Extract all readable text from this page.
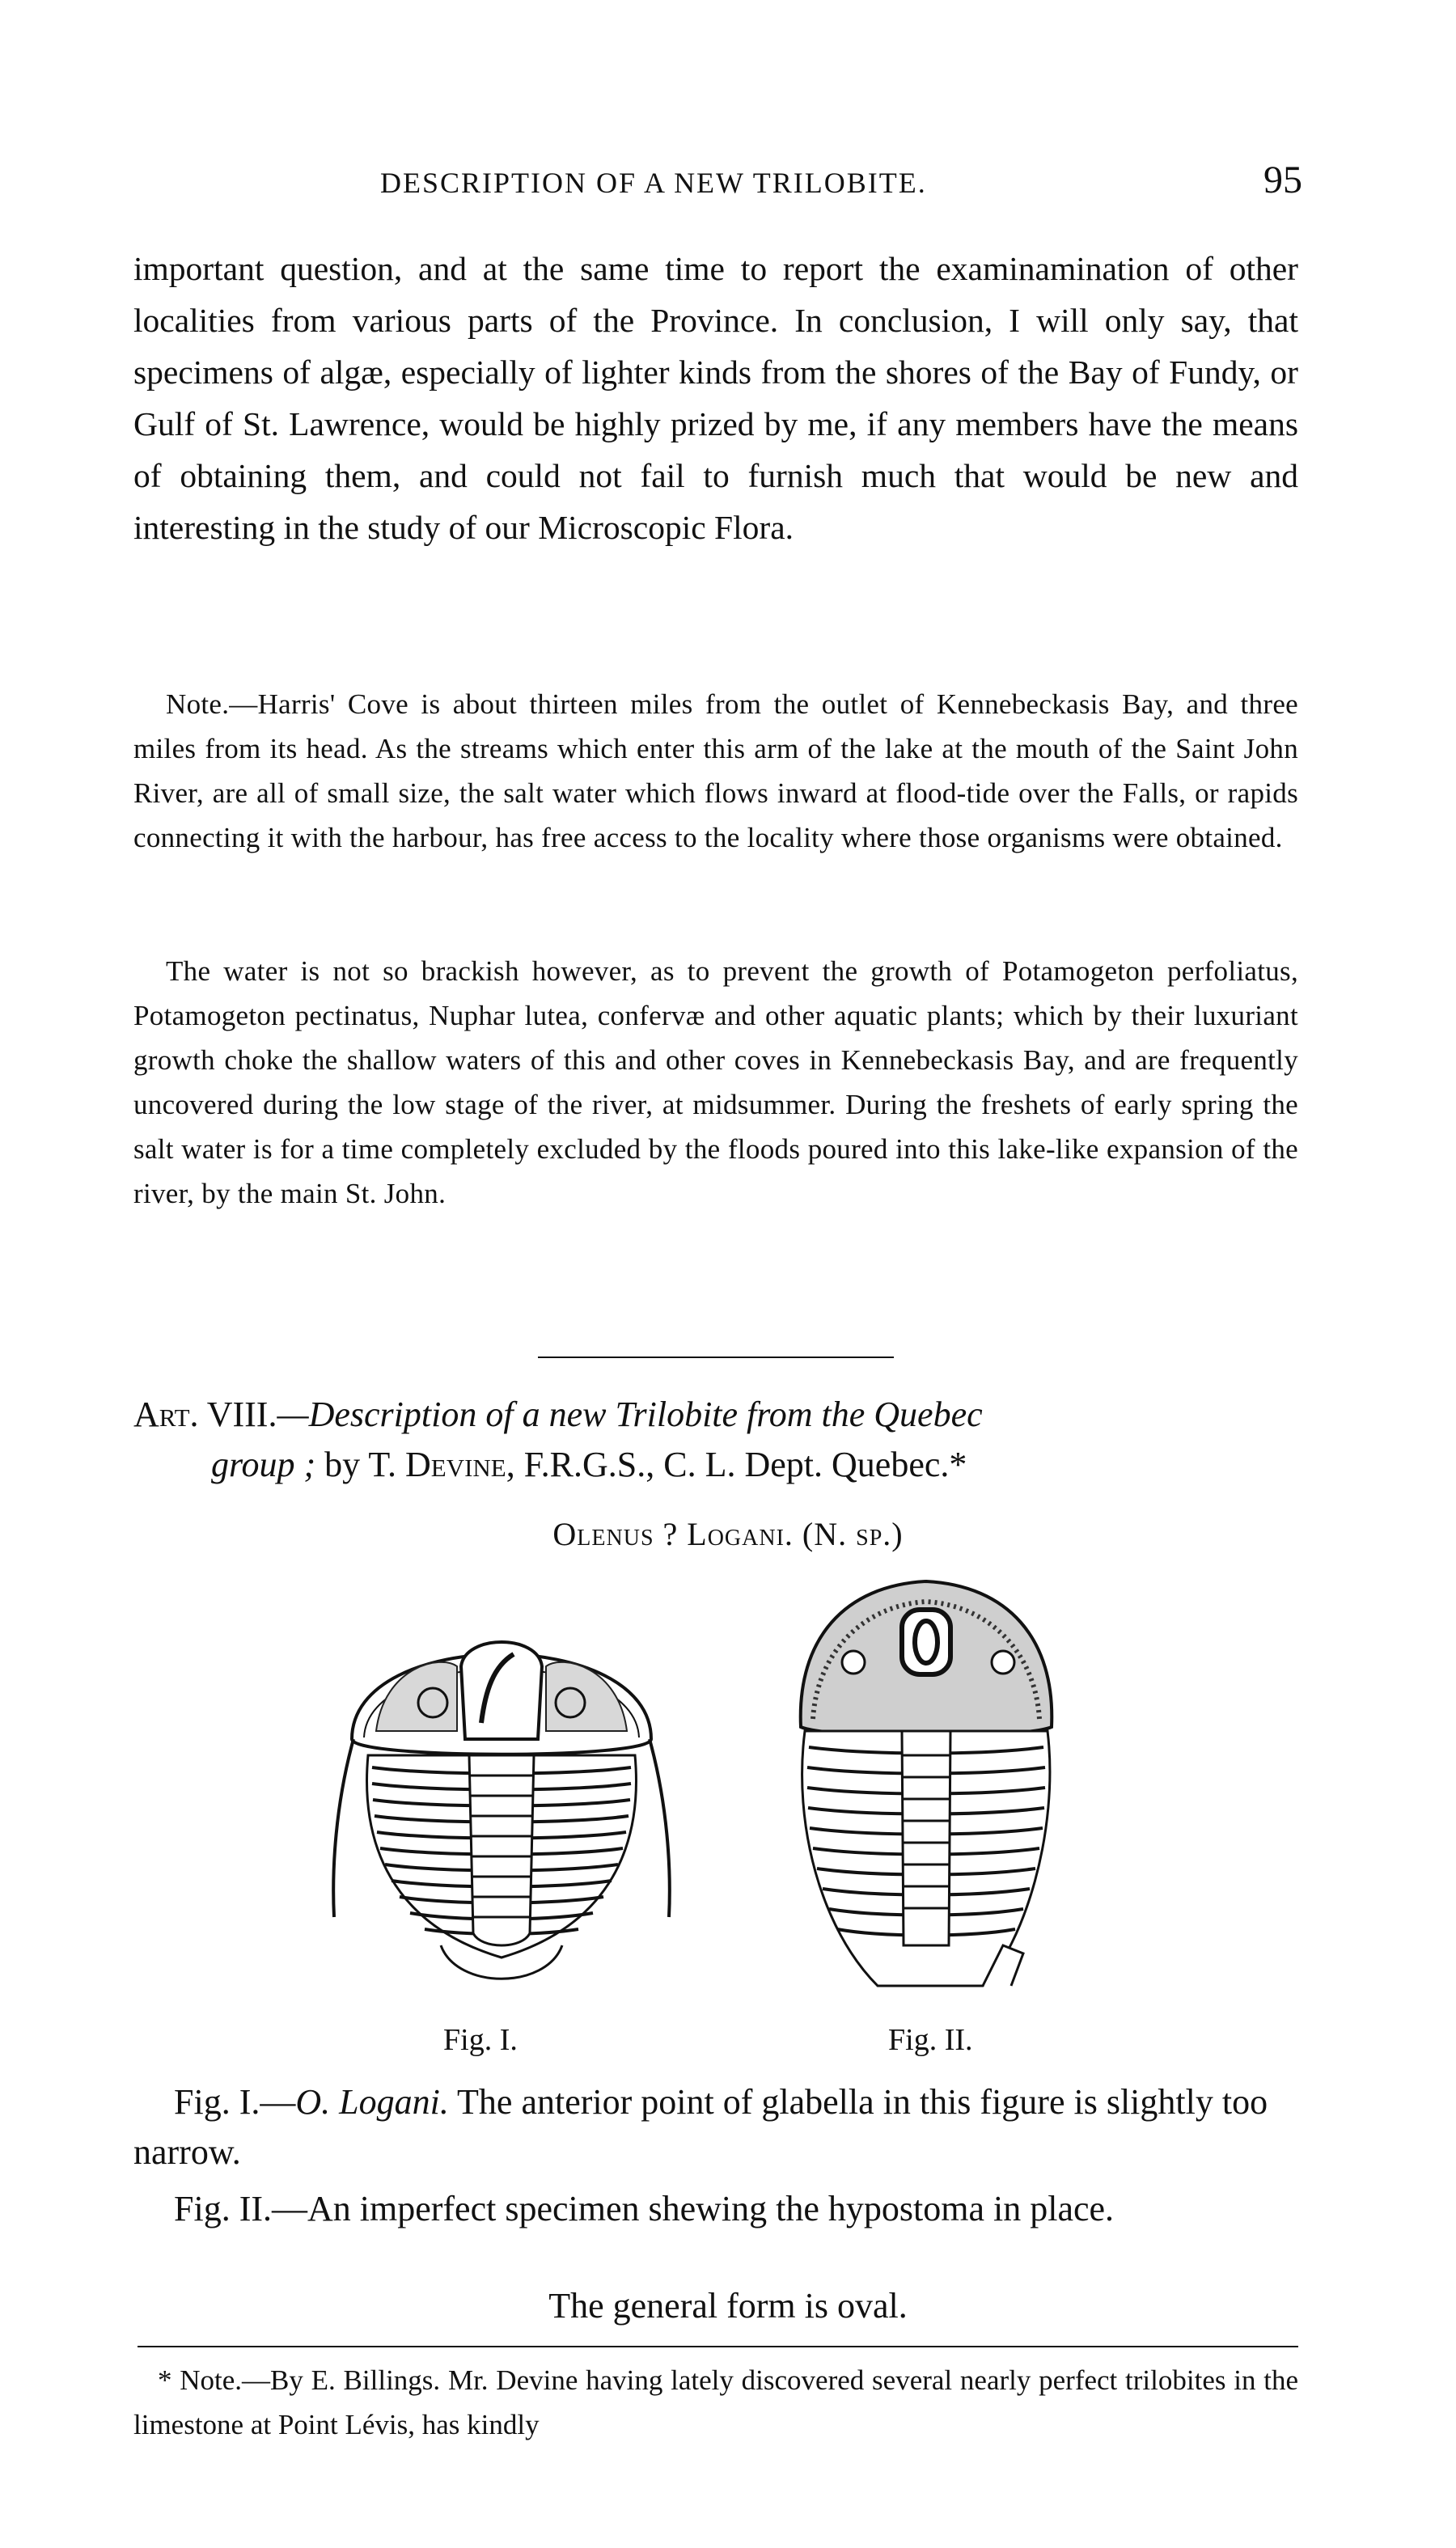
DESCRIPTION OF A NEW TRILOBITE.	95
important question, and at the same time to report the examinamination of other localities from various parts of the Province. In conclusion, I will only say, that specimens of algæ, especially of lighter kinds from the shores of the Bay of Fundy, or Gulf of St. Lawrence, would be highly prized by me, if any members have the means of obtaining them, and could not fail to furnish much that would be new and interesting in the study of our Microscopic Flora.
Note.—Harris' Cove is about thirteen miles from the outlet of Kennebeckasis Bay, and three miles from its head. As the streams which enter this arm of the lake at the mouth of the Saint John River, are all of small size, the salt water which flows inward at flood-tide over the Falls, or rapids connecting it with the harbour, has free access to the locality where those organisms were obtained.
The water is not so brackish however, as to prevent the growth of Potamogeton perfoliatus, Potamogeton pectinatus, Nuphar lutea, confervæ and other aquatic plants; which by their luxuriant growth choke the shallow waters of this and other coves in Kennebeckasis Bay, and are frequently uncovered during the low stage of the river, at midsummer. During the freshets of early spring the salt water is for a time completely excluded by the floods poured into this lake-like expansion of the river, by the main St. John.
Art. VIII.—Description of a new Trilobite from the Quebec
group ; by T. Devine, F.R.G.S., C. L. Dept. Quebec.*
Olenus ? Logani. (N. sp.)
Fig. I.	Fig. II.
Fig. I.—O. Logani. The anterior point of glabella in this figure is slightly too narrow.
Fig. II.—An imperfect specimen shewing the hypostoma in place.
The general form is oval.
* Note.—By E. Billings. Mr. Devine having lately discovered several nearly perfect trilobites in the limestone at Point Lévis, has kindly
